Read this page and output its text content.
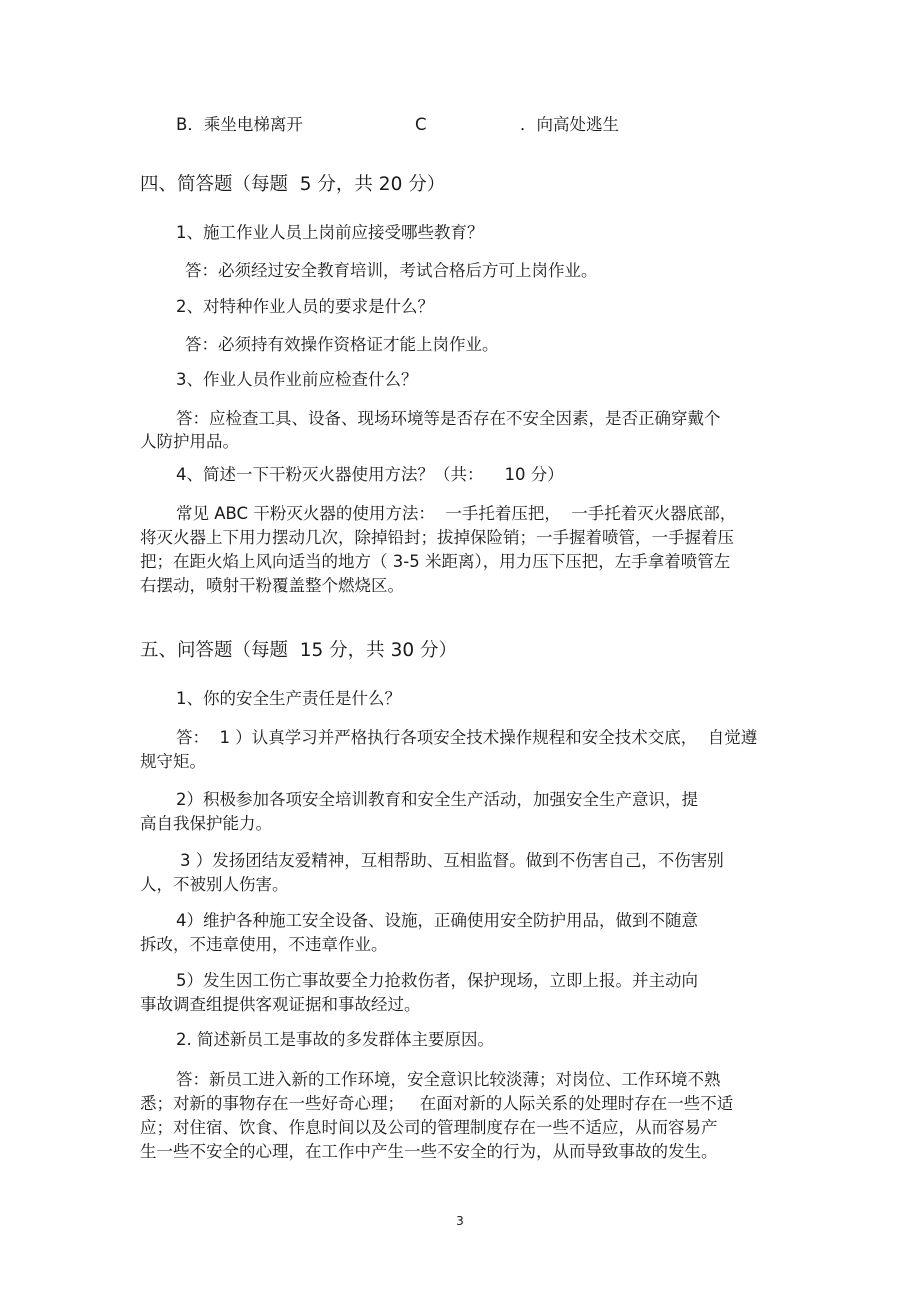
B．乘坐电梯离开	C	．向高处逃生
四、简答题（每题  5 分，共 20 分）
1、施工作业人员上岗前应接受哪些教育？
答：必须经过安全教育培训，考试合格后方可上岗作业。
2、对特种作业人员的要求是什么？
答：必须持有效操作资格证才能上岗作业。
3、作业人员作业前应检查什么？
答：应检查工具、设备、现场环境等是否存在不安全因素，是否正确穿戴个
人防护用品。
4、简述一下干粉灭火器使用方法？（共：    10 分）
常见 ABC 干粉灭火器的使用方法：  一手托着压把，  一手托着灭火器底部，
将灭火器上下用力摆动几次，除掉铅封；拔掉保险销；一手握着喷管，一手握着压
把；在距火焰上风向适当的地方（ 3-5 米距离），用力压下压把，左手拿着喷管左
右摆动，喷射干粉覆盖整个燃烧区。
五、问答题（每题  15 分，共 30 分）
1、你的安全生产责任是什么？
答：  1 ）认真学习并严格执行各项安全技术操作规程和安全技术交底，  自觉遵
规守矩。
2）积极参加各项安全培训教育和安全生产活动，加强安全生产意识，提
高自我保护能力。
3 ）发扬团结友爱精神，互相帮助、互相监督。做到不伤害自己，不伤害别
人，不被别人伤害。
4）维护各种施工安全设备、设施，正确使用安全防护用品，做到不随意
拆改，不违章使用，不违章作业。
5）发生因工伤亡事故要全力抢救伤者，保护现场，立即上报。并主动向
事故调查组提供客观证据和事故经过。
2. 简述新员工是事故的多发群体主要原因。
答：新员工进入新的工作环境，安全意识比较淡薄；对岗位、工作环境不熟
悉；对新的事物存在一些好奇心理；   在面对新的人际关系的处理时存在一些不适
应；对住宿、饮食、作息时间以及公司的管理制度存在一些不适应，从而容易产
生一些不安全的心理，在工作中产生一些不安全的行为，从而导致事故的发生。
3
